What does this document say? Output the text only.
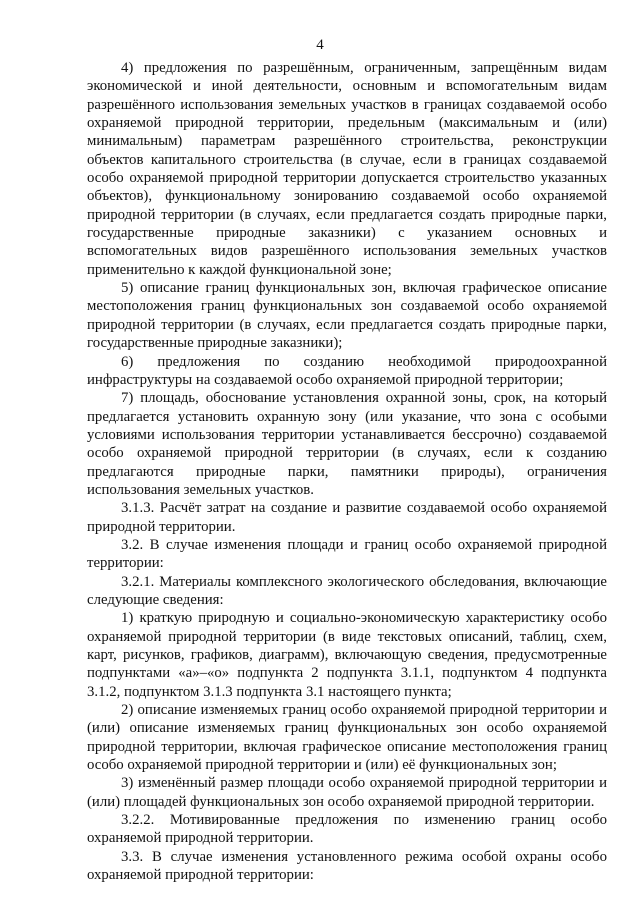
4

4) предложения по разрешённым, ограниченным, запрещённым видам экономической и иной деятельности, основным и вспомогательным видам разрешённого использования земельных участков в границах создаваемой особо охраняемой природной территории, предельным (максимальным и (или) минимальным) параметрам разрешённого строительства, реконструкции объектов капитального строительства (в случае, если в границах создаваемой особо охраняемой природной территории допускается строительство указанных объектов), функциональному зонированию создаваемой особо охраняемой природной территории (в случаях, если предлагается создать природные парки, государственные природные заказники) с указанием основных и вспомогательных видов разрешённого использования земельных участков применительно к каждой функциональной зоне;

5) описание границ функциональных зон, включая графическое описание местоположения границ функциональных зон создаваемой особо охраняемой природной территории (в случаях, если предлагается создать природные парки, государственные природные заказники);

6) предложения по созданию необходимой природоохранной инфраструктуры на создаваемой особо охраняемой природной территории;

7) площадь, обоснование установления охранной зоны, срок, на который предлагается установить охранную зону (или указание, что зона с особыми условиями использования территории устанавливается бессрочно) создаваемой особо охраняемой природной территории (в случаях, если к созданию предлагаются природные парки, памятники природы), ограничения использования земельных участков.

3.1.3. Расчёт затрат на создание и развитие создаваемой особо охраняемой природной территории.

3.2. В случае изменения площади и границ особо охраняемой природной территории:

3.2.1. Материалы комплексного экологического обследования, включающие следующие сведения:

1) краткую природную и социально-экономическую характеристику особо охраняемой природной территории (в виде текстовых описаний, таблиц, схем, карт, рисунков, графиков, диаграмм), включающую сведения, предусмотренные подпунктами «а»–«о» подпункта 2 подпункта 3.1.1, подпунктом 4 подпункта 3.1.2, подпунктом 3.1.3 подпункта 3.1 настоящего пункта;

2) описание изменяемых границ особо охраняемой природной территории и (или) описание изменяемых границ функциональных зон особо охраняемой природной территории, включая графическое описание местоположения границ особо охраняемой природной территории и (или) её функциональных зон;

3) изменённый размер площади особо охраняемой природной территории и (или) площадей функциональных зон особо охраняемой природной территории.

3.2.2. Мотивированные предложения по изменению границ особо охраняемой природной территории.

3.3. В случае изменения установленного режима особой охраны особо охраняемой природной территории:
